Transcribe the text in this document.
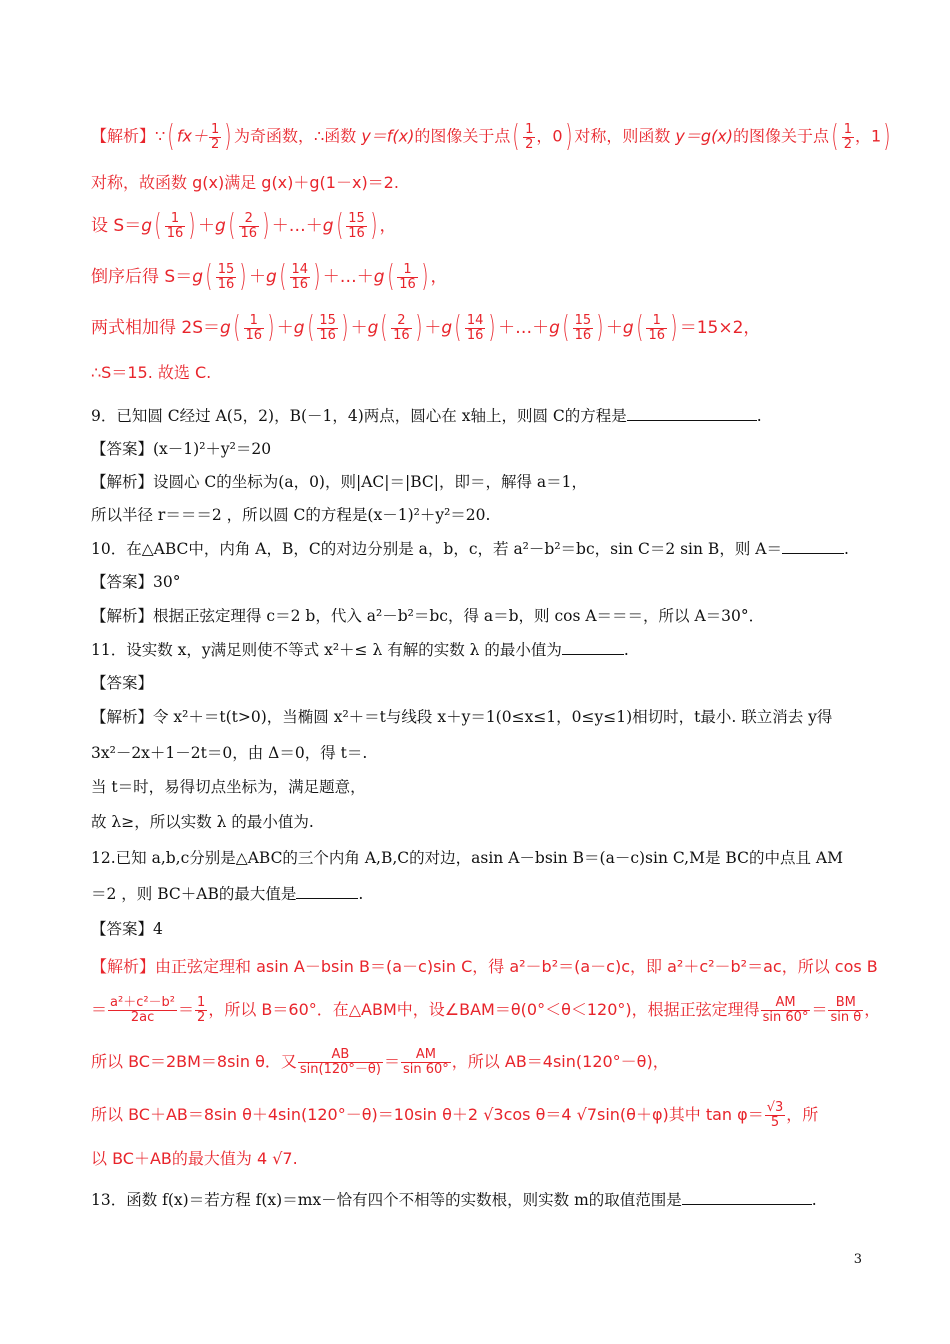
【解析】∵( $fx+ \frac{1}{2}$ ) 为奇函数，∴函数 y＝f(x)的图像关于点( $\frac{1}{2}$ ，0) 对称，则函数 y＝g(x)的图像关于点( $\frac{1}{2}$ ，1)
对称，故函数 g(x)满足 g(x)＋g(1－x)＝2.
设 $S=g( \frac{1}{16}$ ) $+g( \frac{2}{16}$ ) ＋…＋g( $\frac{15}{16}$ ) ，
倒序后得 $S=g( \frac{15}{16}$ ) $+g( \frac{14}{16}$ ) ＋…＋g( $\frac{1}{16}$ ) ，
两式相加得 $2S=g( \frac{1}{16}$ ) $+g( \frac{15}{16}$ ) $+g( \frac{2}{16}$ ) $+g( \frac{14}{16}$ ) ＋…＋g( $\frac{15}{16}$ ) $+g( \frac{1}{16}$ ) ＝15×2，
∴S＝15. 故选 C.
9．已知圆 C经过 A(5，2)，B(－1，4)两点，圆心在 x轴上，则圆 C的方程是	.
【答案】(x－1)²＋y²＝20
【解析】设圆心 C的坐标为(a，0)，则|AC|＝|BC|，即＝，解得 a＝1，
所以半径 r＝＝＝2 ，所以圆 C的方程是(x－1)²＋y²＝20.
10．在△ABC中，内角 A，B，C的对边分别是 a，b，c，若 a²－b²＝bc，sin C＝2 sin B，则 A＝	.
【答案】30°
【解析】根据正弦定理得 c＝2 b，代入 a²－b²＝bc，得 a＝b，则 cos A＝＝＝，所以 A＝30°．
11．设实数 x，y满足则使不等式 x²＋≤ λ 有解的实数 λ 的最小值为	.
【答案】
【解析】令 x²＋＝t(t>0)，当椭圆 x²＋＝t与线段 x＋y＝1(0≤x≤1，0≤y≤1)相切时，t最小. 联立消去 y得
3x²－2x＋1－2t＝0，由 Δ＝0，得 t＝.
当 t＝时，易得切点坐标为，满足题意，
故 λ≥，所以实数 λ 的最小值为.
12.已知 a,b,c分别是△ABC的三个内角 A,B,C的对边，asin A－bsin B＝(a－c)sin C,M是 BC的中点且 AM
＝2 ，则 BC＋AB的最大值是	.
【答案】4
【解析】由正弦定理和 asin A－bsin B＝(a－c)sin C，得 a²－b²＝(a－c)c，即 a²＋c²－b²＝ac，所以 cos B
＝ $\frac{\text{a²＋c²－b²}}{2ac} = \frac{1}{2}$ ，所以 B＝60°．在△ABM中，设∠BAM＝θ(0°＜θ＜120°)，根据正弦定理得 $\frac{AM}{\sin 60^\circ} = \frac{BM}{\text{sin θ}}$ ，
所以 BC＝2BM＝8sin θ．又 $\frac{AB}{\sin(120^\circ-\theta)} = \frac{AM}{\sin 60^\circ}$ ，所以 AB＝4sin(120°－θ)，
所以 BC＋AB＝8sin θ＋4sin(120°－θ)＝10sin θ＋2 √3cos θ＝4 √7sin(θ＋φ)其中 $\tan \varphi= \frac{√3}{5}$ ，所
以 BC＋AB的最大值为 4 √7.
13．函数 f(x)＝若方程 f(x)＝mx－恰有四个不相等的实数根，则实数 m的取值范围是	.
3
